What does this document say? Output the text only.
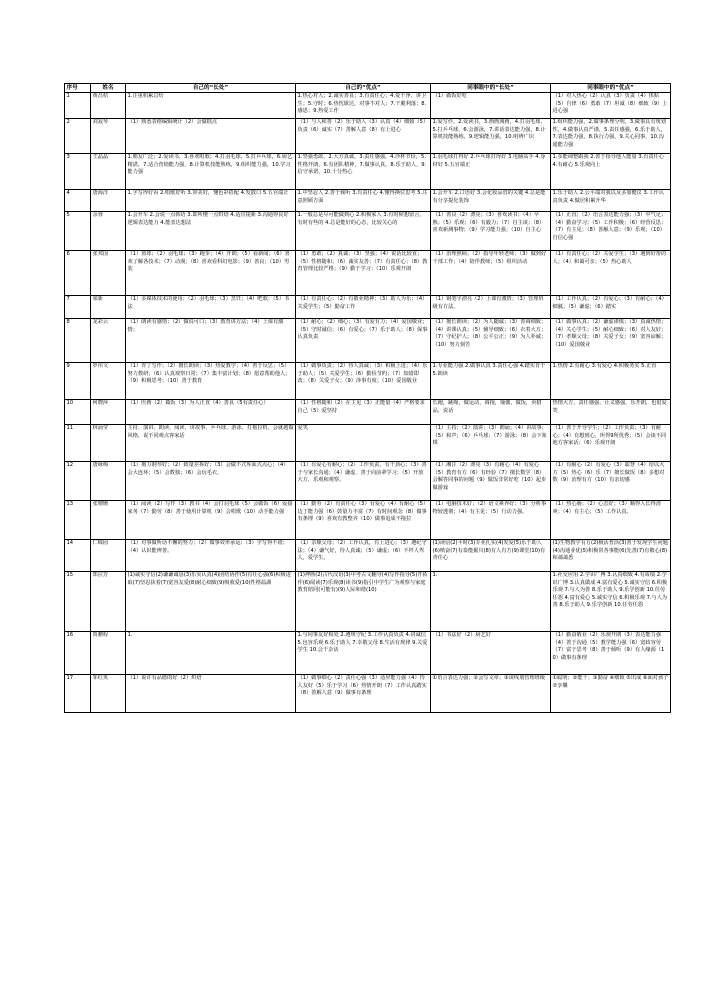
序号	姓名	自己的“长处”	自己的“优点”	同事眼中的“长处”	同事眼中的“优点”
1	黄昌桔	1.注重积累总结	1.热心对人；2.诚实善良；3.有责任心；4.爱干净、讲卫生；5.守时；6.热忱歇达，对事不对人；7.干脆利落；8.感恩；9.热爱工作	（1）做饭好吃	（1）对人热心（2）认真（3）负责（4）体贴（5）自律（6）勇敢（7）坦诚（8）细致（9）上进心强
2	刘寂琴	（1）熟悉表格编辑统计（2）会做糕点	（1）与人和善（2）乐于助人（3）认真（4）细致（5）负责（6）诚实（7）善解人意（8）有上进心	1.爱写作，2.爱读书，3.画画漫画，4.打羽毛球，5.打乒乓球，6.会游泳，7.讲话表达能力强，8.计算机技能熟练，9.逻辑能力强，10.明辨广识	1.组织能力强，2.做事条理分明，3.做事具有规划性，4.做事认真严谨，5.责任感强，6.乐于助人，7.表达能力强，8.执行力强，9.关心同事，10.沟通能力强
3	王晶晶	1.朋友广泛；2.爱读书，3.喜欢唱歌；4.打羽毛球，5.打乒乓球，6.厨艺精湛，7.适合营销能力强，8.计算机技能熟练，9.组织能力强，10.学习能力强	1.坚强勇敢，2.大方真诚，3.责任感强，4.沙杯节俭，5.性格开朗，6.有团队精神，7.做事认真，8.乐于助人，9.信守承诺，10.十分热心	1.羽毛球打得好 2.乒乓球打得好 3.电脑高手 4.身材好 5.五官端正	1.多能调整跟我 2.善于指导他人能量 3.有责任心 4.有耐心 5.乐观向上
4	唐海洋	1.字写得好看 2.唱歌好听 3.审美好，懂色彩搭配 4.发散口 5.五官端正	1.中坚忍人 2.善于倾听 3.有责任心 4.懂得换位思考 5.注意照顾方面	1.会开车 2.口语好 3.会化妆品管的关键 4.总是能有分享提化装饰	1.乐于助人 2.公平端对我以及多加健议 3.工作认真负责 4.做居积累升华
5	余蓉	1.会开车 2.会说一点韩语 3.即所懂一点烘焙 4.适宜提新 3.沟通得良好逻辑表达能力 4.能表达想法	1.一般总是尽可能做到心 2.积极家人 3.有时候想留言，有时有些的 4.总是能好的心态，比较关心的	（1）善良（2）漂亮；（3）喜欢读书；（4）早熟；（5）乐观；（6）有毅力；（7）自主谈；（8）喜欢新测事物；（9）学习能力强；（10）自主心	（1）正直；（2）语言表达能力强；（3）中气足；（4）勤奋学习；（5）工作积极；（6）经营反思；（7）有主见；（8）善解人意；（9）乐观；（10）自信心强
6	张邦国	（1）篮球；（2）羽毛球；（3）跑步；（4）开朗；（5）看新闻；（6）喜欢了解各技术；（7）动漫；（8）喜欢看科幻电影；（9）善良；（10）男装	（1）勇敢；（2）真诚；（3）坚强；（4）说话比较直；（5）性格随和；（6）诚实友善；（7）有责任心；（8）教育管理比较严格；（9）勤于学习；（10）乐观开朗	（1）治理照顾；（2）指导年轻老师；（3）做到好干部工作；（4）陪伴教师；（5）组织活动	（1）有责任心；（2）关爱学生；（3）遇到好帮的人；（4）和蔼可亲；（5）热心助人
7	梁新	（1）多媒体技术的使用；（2）羽毛球；（3）烹饪；（4）吧歌；（5）书法	（1）有责任心；（2）有敬业精神；（3）助人为乐；（4）关爱学生；（5）勤奋工作	（1）钢笔字漂亮（2）上课有激情；（3）管理班级有方法。	（1）工作认真；（2）有爱心；（3）有耐心；（4）细腻；（5）谦虚；（6）踏实
8	龙彩云	（1）朗读有感情；（2）做说可口；（3）教育讲方法；（4）上课有激情；	（1）耐心；（2）细心；（3）有爱有力；（4）爱国敬业；（5）守时诚信；（6）有爱心；（7）乐于助人；（8）保事认真负责	（1）擅长朗读；（2）为人随诚；（3）善调细致；（4）讲课认真；（5）辅导细致；（6）衣着大方；（7）守纪护人；（8）公平公正；（9）为人朴诚；（10）努力刻苦	（1）做事认真；（2）谦虚谨慎；（3）真诚热情；（4）关心学生；（5）耐心细致；（6）对人友好；（7）孝顺父母；（8）关爱子女；（9）宽容谅解；（10）爱国敬业
9	罗伟文	（1）青丁写作；（2）擅长朗读；（3）热爱教学；（4）善于反思；（5）努力教研；（6）认真观察日常；（7）集丰富计划；（8）愿意帮助他人；（9）积极思考；（10）善于教育	（1）做事负责；（2）待人真诚；（3）积极上进；（4）乐于助人；（5）关爱学生；（6）勤俭节约；（7）知错即改；（8）关爱子女；（9）涉事有度；（10）爱国敬业	1.专业能力强 2.做事认真 3.责任心强 4.踏实肯干 5.朗读	1.热情 2.有耐心 3.有爱心 4.积极务实 5.正直
10	何晓萍	（1）医画（2）做饭（3）为人正直（4）善良（5有责任心）	（1）性格随和（2）在主见（3）正能量（4）严格要求自己（5）爱坚持	长跑，跳绳，做运动，调拖，瑜伽，做饭，卖猎品，说话	热情大方，责任感强，止义感强，乐开朗，也很爱笑
11	林涌莹	主持、演讲、朗读、阅读、讲故事、乒乓球、游泳、打拖拉机、会就越做风格，说不同观点客家话	爱笑	（1）主持；（2）演讲；（3）朗诵；（4）讲故事；（5）和声；（6）乒乓球；（7）游泳；（8）会下象棋	（1）善于开导学生；（2）工作负责；（3）有耐心；（4）有想到心，所得9所优秀；（5）会谈不同地方客家话；（6）乐观开朗
12	唐咏梅	（1）擅力钢琴好；（2）致量差拆好；（3）会做不式库面式点心；（4）会大连环；（5）会数独；（6）会玩毛衣。	（1）有爱心有耐心；（2）工作负责，有干劲心；（3）善于与家长沟通；（4）谦虚，善于向前辈学习；（5）开放大方，乐观和观察。	（1）湘汪（2）漂亮（3）有耐心（4）有爱心（5）教育有方（6）有经验（7）擅长数学（8）会解答同事的问题（9）做饭非常好吃（10）起步做游戏	（1）有耐心（2）有爱心（3）聪慧（4）给以大方（5）热心（6）乐（7）擅长做饭（8）多想对数（9）治理有方（10）有亲切感
13	张珊珊	（1）阅读（2）写作（3）教书（4）会打羽毛球（5）会做饭（6）爱接家务（7）勤劳（8）善于使用计算机（9）会唱歌（10）动手能力强	（1）勤劳（2）有责任心（3）有爱心（4）有耐心（5）边丁能力强（6）鼓量力丰富（7）有时间观念（8）做事有条理（9）喜欢有教整齐（10）做事追成不拖拉	（1）电脑技术好；（2）语文素养好；（3）分析事物较透彻；（4）有主见；（5）行动力强。	（1）热心肠；（2）心态好；（3）顺得人长得清爽；（4）有主心；（5）工作认真。
14	仁嵘园	（1）对事做听话不懈的努力；（2）做事效率承运；（3）字写得不错；（4）认识能辨善。	（1）亲顺父母；（2）工作认真，有上进心；（3）遵纪守法；（4）谦气好，待人真诚；（5）谦虚；（6）不拜人驾人，爱学生。	(1)读信(2)平时(3)专业扎实(4)发爱(5)乐于助人(6)喷奋(7)有泰能掘川(8)有人有方(9)课堂(10)有青任心	(1)生物教学有方(2)极活普活(3)善于发现学生问题(4)沟通业优(5)积极常各事能(6)先善(7)有敬心(8)和蔼蔼悉
15	郑拉芳	(1)诚实守信(2)谦谦诚恳(3)乐实认真(4)团结协作(5)有任心强(6)积极进取(7)坚忍执着(7)宽容友爱(8)耐心细致(9)吸收爱(10)性格温湖	(1)押画(2)古代汉语(3)中考古文翻导(4)写作指导(5)开拓作(6)阅读(7)乐观(8)读书(9)指引中学生广为观察与家庭教育陪同(可能有)(9)人际和谐(10)	1.	1.社交应用 2.学识广博 3.认真细致 4.有成绩 2.学识广博 3.认真做成 4.富有爱心 5.诚实守信 6.积极乐观 7.与人为善 8.乐于助人 9.乐学创新 10.任劳任怨 4.富有爱心 5.诚实守信 6.积极乐观 7.与人为善 8.乐于助人 9.乐学创新 10.任劳任怨
16	贾鹏程	1.	1.与同事友好相处 2.遵规守纪 3.工作认真负责 4.讲诚信 5.包容乐观 6.乐于助人 7.幸敬父母 8.生活有规律 9.关爱学生 10.会干杂活	（1）书法好（2）厨艺好	（1）勤奋敬业（2）乐观开朗（3）表达能力强（4）善于沟通（5）教学能力强（6）宽政容劳（7）富于思考（8）善于倾听（9）有人缘源（10）做事有条理
17	邹红英	（1）说许有品德的好（2）烘焙	（1）做事细心（2）责任心强（3）适应能力强（4）待人友好（5）乐于学习（6）热情开朗（7）工作认真踏实（8）善解人意（9）做事有条理	①语言表达力强；②会写文章；③谈线划管理班级	①聪明；②能干；③勤奋 ④细致 ⑤出成 ⑥面对孩子 ⑦享樂
